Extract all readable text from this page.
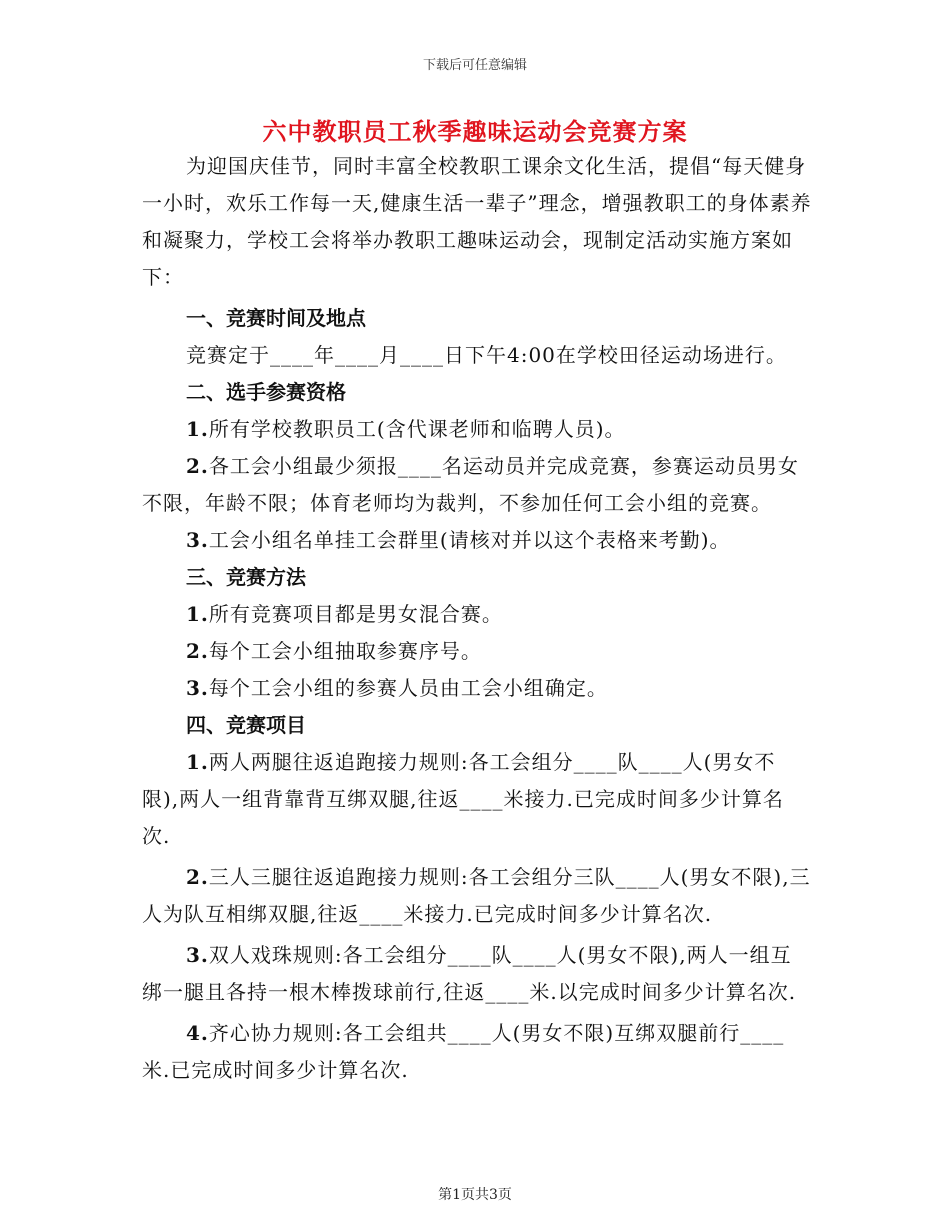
下载后可任意编辑
六中教职员工秋季趣味运动会竞赛方案

为迎国庆佳节，同时丰富全校教职工课余文化生活，提倡“每天健身一小时，欢乐工作每一天,健康生活一辈子”理念，增强教职工的身体素养和凝聚力，学校工会将举办教职工趣味运动会，现制定活动实施方案如下：

一、竞赛时间及地点

竞赛定于____年____月____日下午4:00在学校田径运动场进行。

二、选手参赛资格

1.所有学校教职员工(含代课老师和临聘人员)。

2.各工会小组最少须报____名运动员并完成竞赛，参赛运动员男女不限，年龄不限；体育老师均为裁判，不参加任何工会小组的竞赛。

3.工会小组名单挂工会群里(请核对并以这个表格来考勤)。

三、竞赛方法

1.所有竞赛项目都是男女混合赛。

2.每个工会小组抽取参赛序号。

3.每个工会小组的参赛人员由工会小组确定。

四、竞赛项目

1.两人两腿往返追跑接力规则:各工会组分____队____人(男女不限),两人一组背靠背互绑双腿,往返____米接力.已完成时间多少计算名次.

2.三人三腿往返追跑接力规则:各工会组分三队____人(男女不限),三人为队互相绑双腿,往返____米接力.已完成时间多少计算名次.

3.双人戏珠规则:各工会组分____队____人(男女不限),两人一组互绑一腿且各持一根木棒拨球前行,往返____米.以完成时间多少计算名次.

4.齐心协力规则:各工会组共____人(男女不限)互绑双腿前行____米.已完成时间多少计算名次.

第1页共3页
